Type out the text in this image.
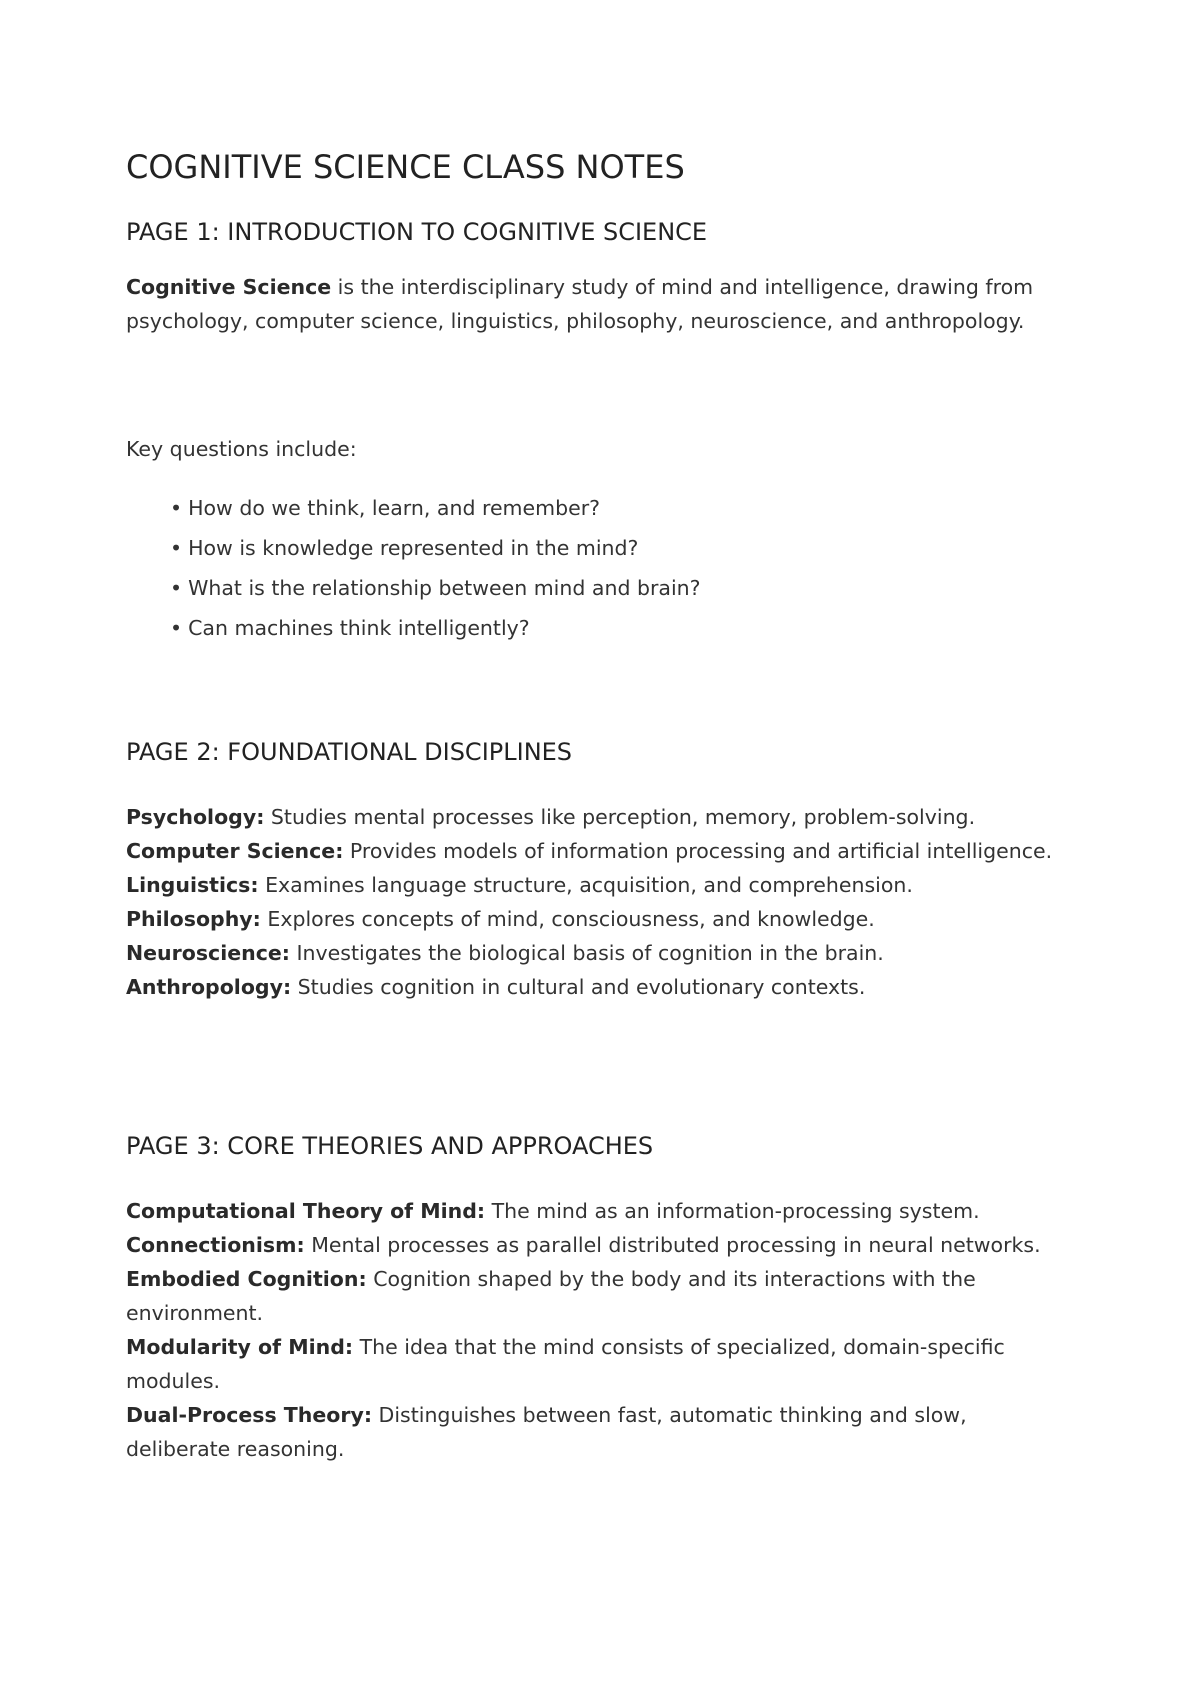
COGNITIVE SCIENCE CLASS NOTES
PAGE 1: INTRODUCTION TO COGNITIVE SCIENCE

Cognitive Science is the interdisciplinary study of mind and intelligence, drawing from psychology, computer science, linguistics, philosophy, neuroscience, and anthropology.

Key questions include:

• How do we think, learn, and remember?
• How is knowledge represented in the mind?
• What is the relationship between mind and brain?
• Can machines think intelligently?
PAGE 2: FOUNDATIONAL DISCIPLINES

Psychology: Studies mental processes like perception, memory, problem-solving.

Computer Science: Provides models of information processing and artificial intelligence.

Linguistics: Examines language structure, acquisition, and comprehension.

Philosophy: Explores concepts of mind, consciousness, and knowledge.

Neuroscience: Investigates the biological basis of cognition in the brain.

Anthropology: Studies cognition in cultural and evolutionary contexts.

PAGE 3: CORE THEORIES AND APPROACHES

Computational Theory of Mind: The mind as an information-processing system.

Connectionism: Mental processes as parallel distributed processing in neural networks.

Embodied Cognition: Cognition shaped by the body and its interactions with the environment.

Modularity of Mind: The idea that the mind consists of specialized, domain-specific modules.

Dual-Process Theory: Distinguishes between fast, automatic thinking and slow, deliberate reasoning.
